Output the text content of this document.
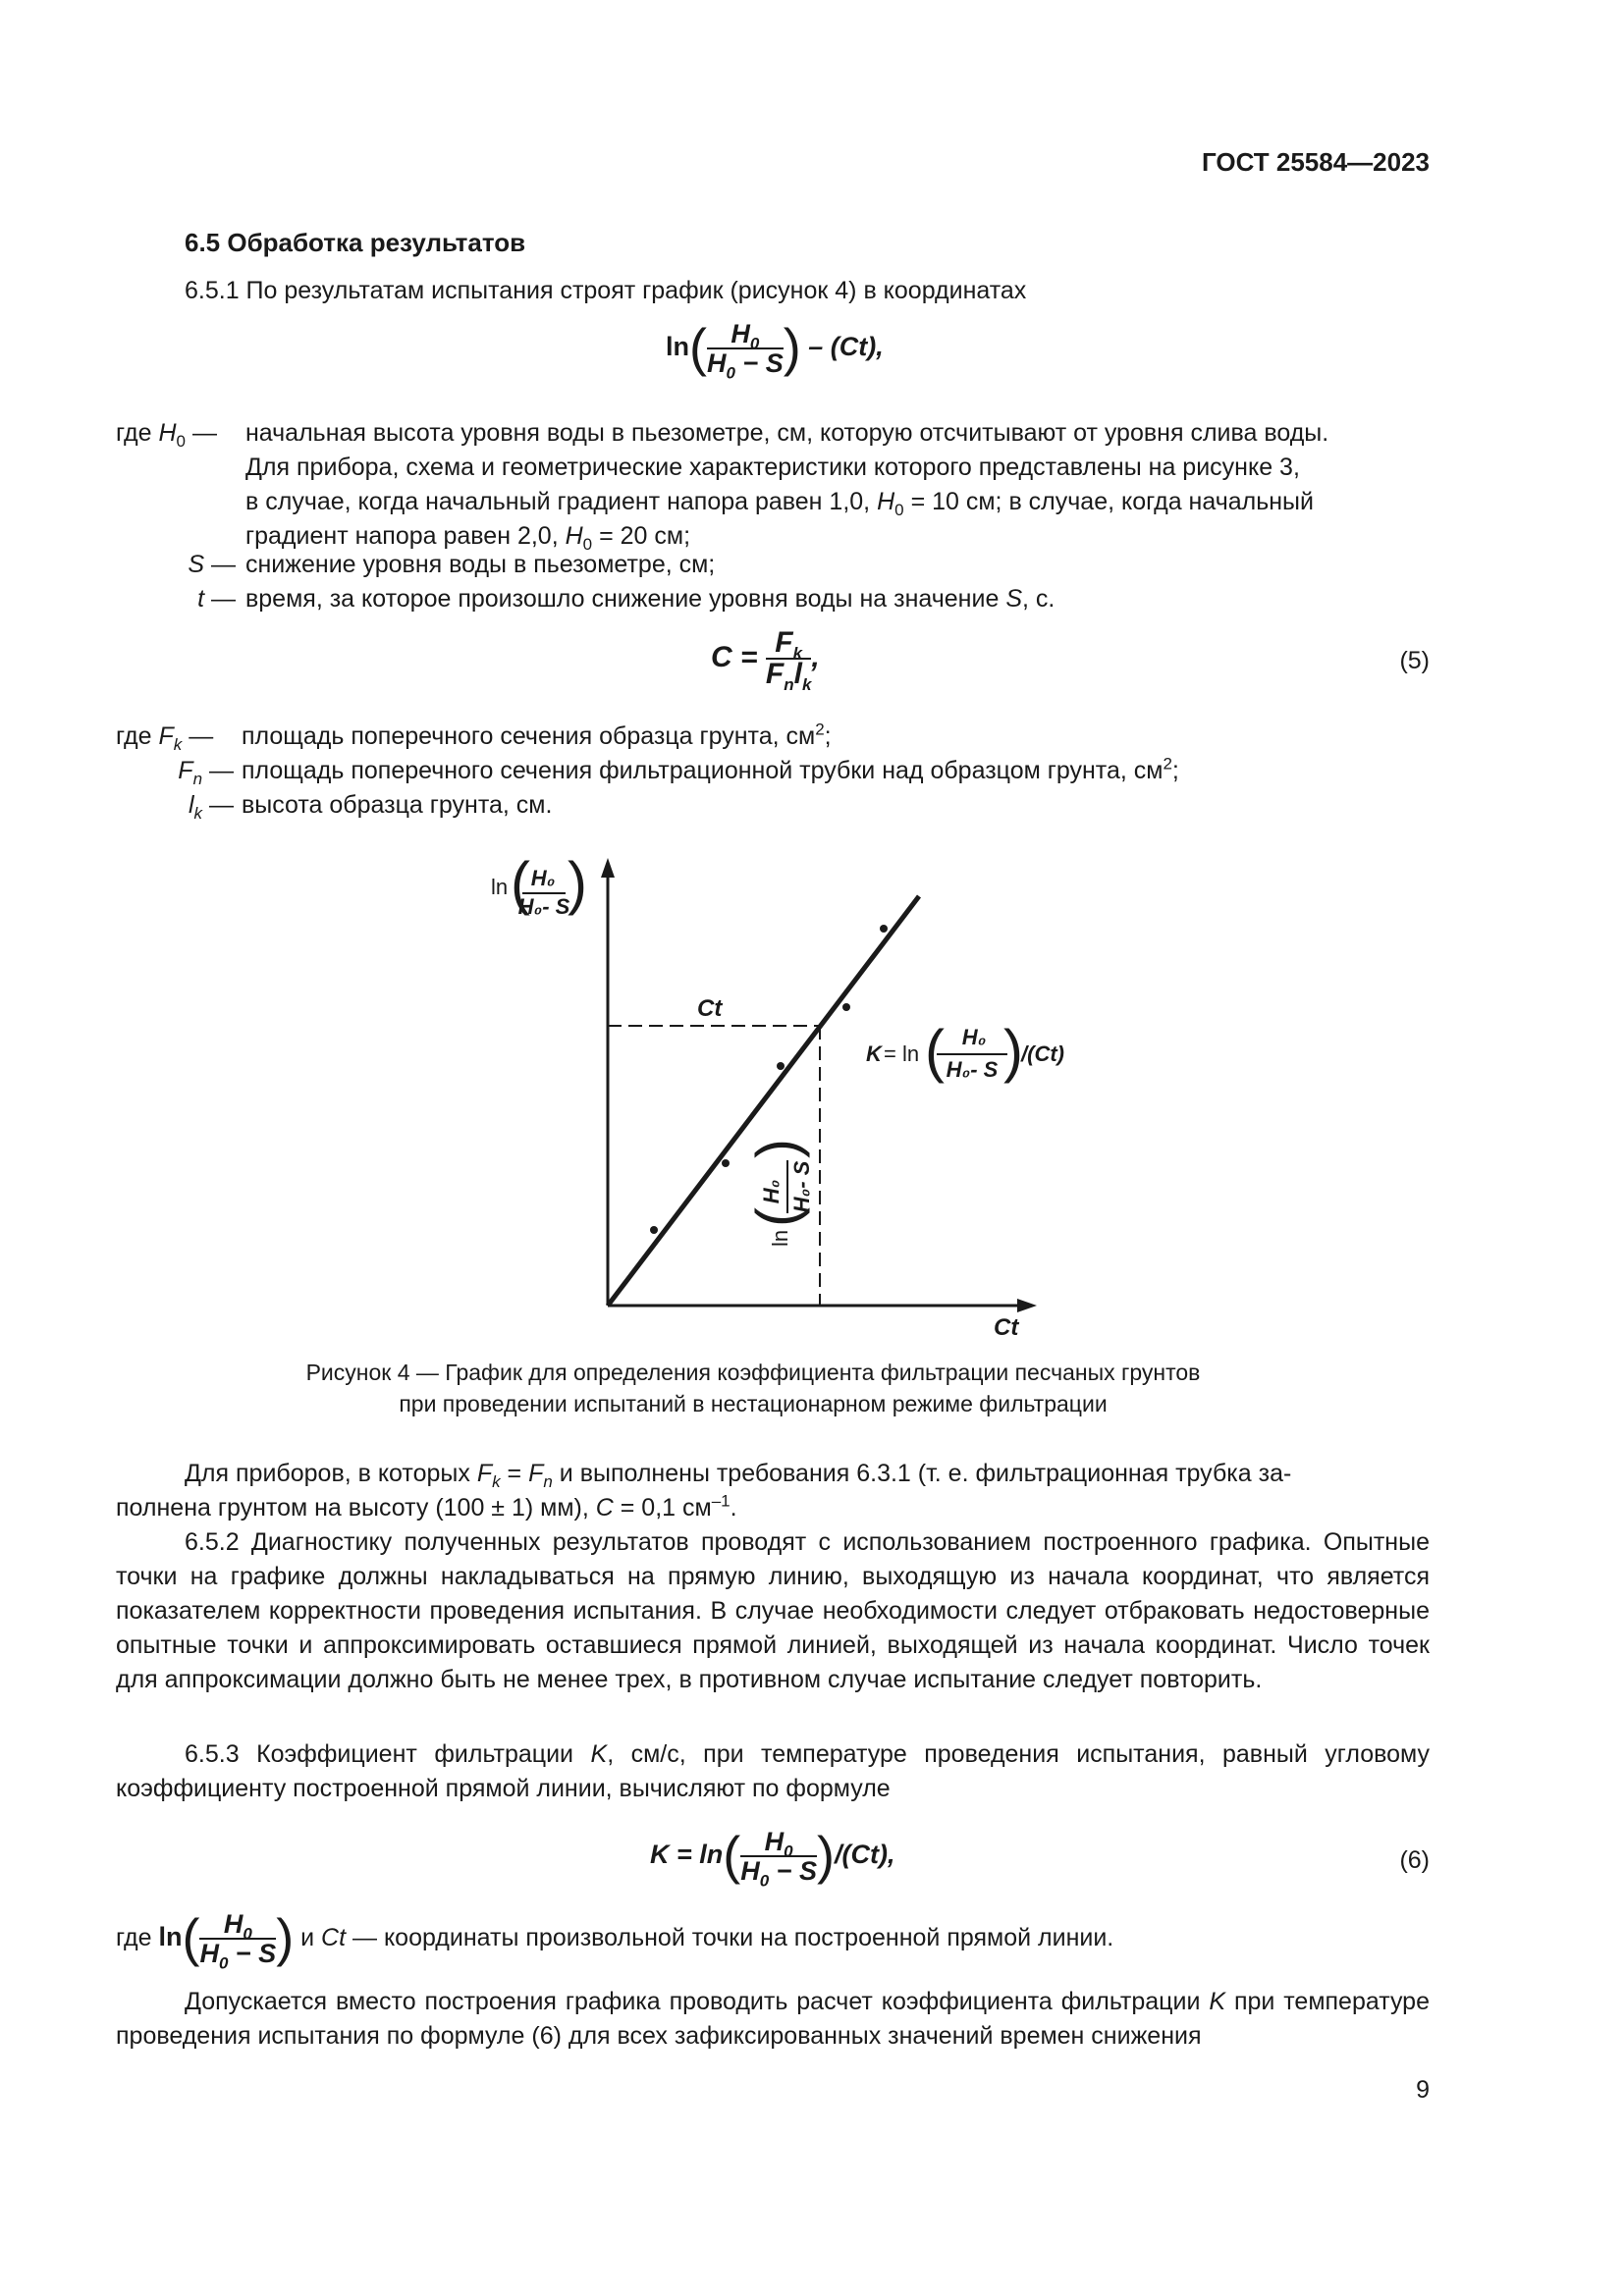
ГОСТ 25584—2023
6.5 Обработка результатов
6.5.1 По результатам испытания строят график (рисунок 4) в координатах
$\ln( \frac{H_0}{H_0 - S}$ ) – (Ct),
где $H_0$ — начальная высота уровня воды в пьезометре, см, которую отсчитывают от уровня слива воды.
Для прибора, схема и геометрические характеристики которого представлены на рисунке 3,
в случае, когда начальный градиент напора равен 1,0, $H_0 = 10$ см; в случае, когда начальный
градиент напора равен 2,0, $H_0 = 20$ см;
S — снижение уровня воды в пьезометре, см;
t — время, за которое произошло снижение уровня воды на значение S, с.
$C = \frac{F_k}{F_nl_k}$ ,	(5)
где $F_k$ — площадь поперечного сечения образца грунта, $см^2$;
$F_n$ — площадь поперечного сечения фильтрационной трубки над образцом грунта, $см^2$;
$l_k$ — высота образца грунта, см.
ln ( H₀
H₀- S
)
Ct
Ct
K = ln ( H₀
H₀- S )
/(Ct)
ln
(
H₀ H₀- S
)
Рисунок 4 — График для определения коэффициента фильтрации песчаных грунтов
при проведении испытаний в нестационарном режиме фильтрации
Для приборов, в которых $F_k = F_n$ и выполнены требования 6.3.1 (т. е. фильтрационная трубка за-
полнена грунтом на высоту (100 ± 1) мм), C = 0,1 $см^{-1}$.
6.5.2 Диагностику полученных результатов проводят с использованием построенного графика. Опытные точки на графике должны накладываться на прямую линию, выходящую из начала координат, что является показателем корректности проведения испытания. В случае необходимости следует отбраковать недостоверные опытные точки и аппроксимировать оставшиеся прямой линией, выходящей из начала координат. Число точек для аппроксимации должно быть не менее трех, в противном случае испытание следует повторить.
6.5.3 Коэффициент фильтрации K, см/с, при температуре проведения испытания, равный угловому коэффициенту построенной прямой линии, вычисляют по формуле
$K = \ln( \frac{H_0}{H_0 - S} )/(Ct)$,	(6)
где $\ln( \frac{H_0}{H_0 - S}$ ) и Ct — координаты произвольной точки на построенной прямой линии.
Допускается вместо построения графика проводить расчет коэффициента фильтрации K при температуре проведения испытания по формуле (6) для всех зафиксированных значений времен снижения
9
